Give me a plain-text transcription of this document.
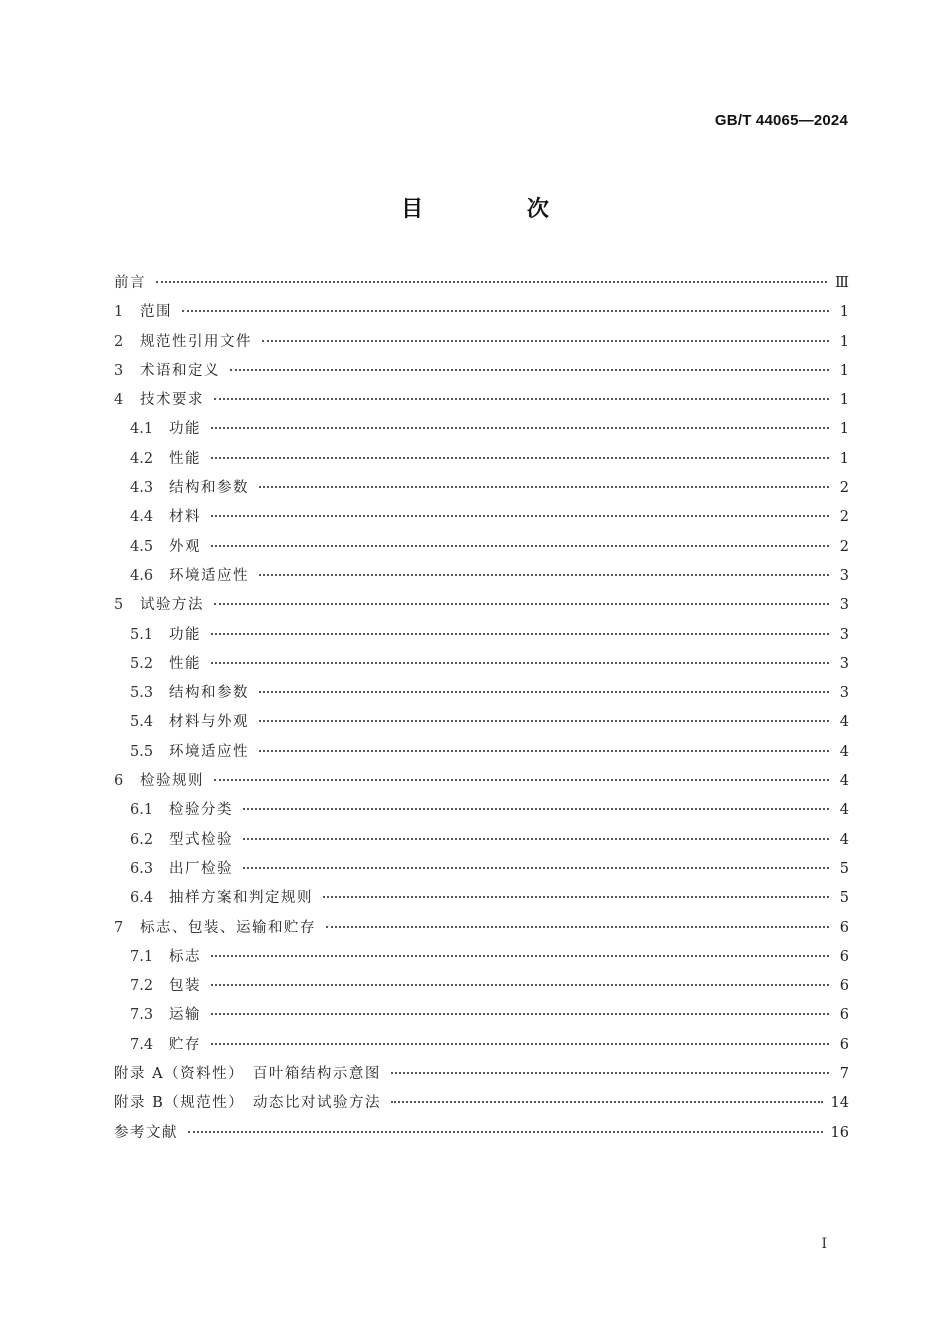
GB/T 44065—2024
目 次
前言	Ⅲ
1	范围	1
2	规范性引用文件	1
3	术语和定义	1
4	技术要求	1
4.1	功能	1
4.2	性能	1
4.3	结构和参数	2
4.4	材料	2
4.5	外观	2
4.6	环境适应性	3
5	试验方法	3
5.1	功能	3
5.2	性能	3
5.3	结构和参数	3
5.4	材料与外观	4
5.5	环境适应性	4
6	检验规则	4
6.1	检验分类	4
6.2	型式检验	4
6.3	出厂检验	5
6.4	抽样方案和判定规则	5
7	标志、包装、运输和贮存	6
7.1	标志	6
7.2	包装	6
7.3	运输	6
7.4	贮存	6
附录 A（资料性）　百叶箱结构示意图	7
附录 B（规范性）　动态比对试验方法	14
参考文献	16
I
